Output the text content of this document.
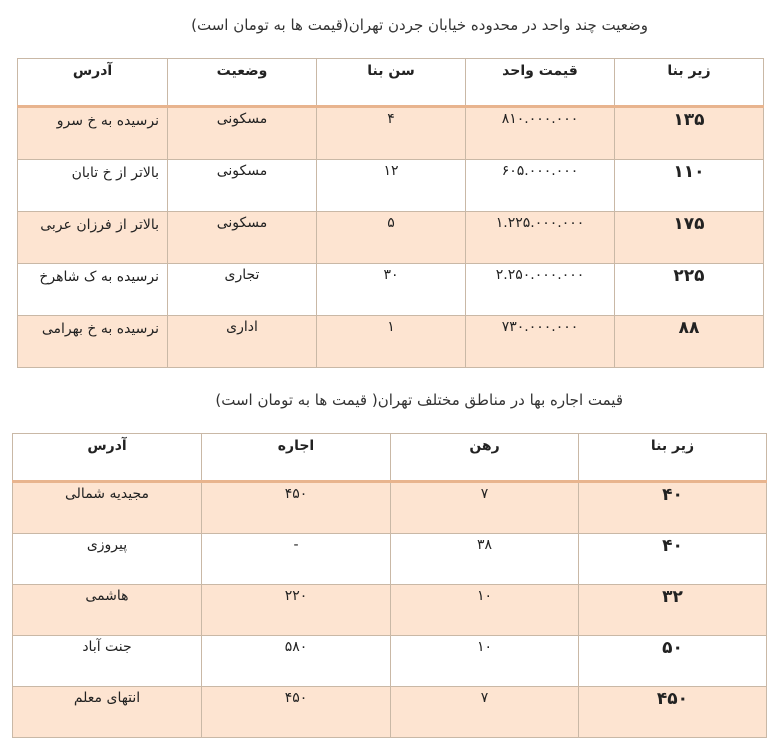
وضعیت چند واحد در محدوده خیابان جردن تهران(قیمت ها به تومان است)
زیر بنا	قیمت واحد	سن بنا	وضعیت	آدرس
۱۳۵	۸۱۰.۰۰۰.۰۰۰	۴	مسکونی	نرسیده به خ سرو
۱۱۰	۶۰۵.۰۰۰.۰۰۰	۱۲	مسکونی	بالاتر از خ تابان
۱۷۵	۱.۲۲۵.۰۰۰.۰۰۰	۵	مسکونی	بالاتر از فرزان عربی
۲۲۵	۲.۲۵۰.۰۰۰.۰۰۰	۳۰	تجاری	نرسیده به ک شاهرخ
۸۸	۷۳۰.۰۰۰.۰۰۰	۱	اداری	نرسیده به خ بهرامی
قیمت اجاره بها در مناطق مختلف تهران( قیمت ها به تومان است)
زیر بنا	رهن	اجاره	آدرس
۴۰	۷	۴۵۰	مجیدیه شمالی
۴۰	۳۸	-	پیروزی
۳۲	۱۰	۲۲۰	هاشمی
۵۰	۱۰	۵۸۰	جنت آباد
۴۵۰	۷	۴۵۰	انتهای معلم
